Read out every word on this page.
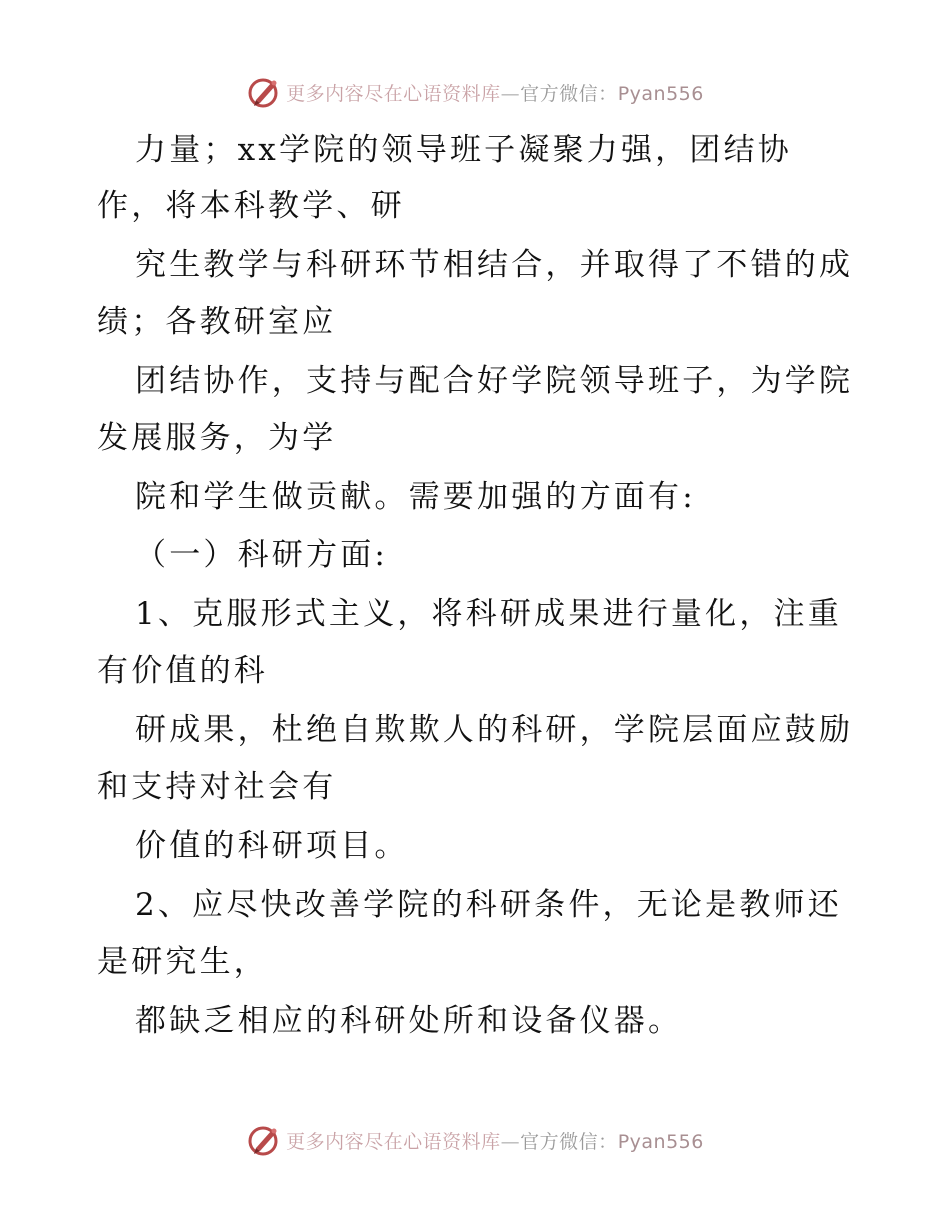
更多内容尽在心语资料库—官方微信：Pyan556
力量；xx学院的领导班子凝聚力强，团结协
作，将本科教学、研
究生教学与科研环节相结合，并取得了不错的成
绩；各教研室应
团结协作，支持与配合好学院领导班子，为学院
发展服务，为学
院和学生做贡献。需要加强的方面有:
（一）科研方面:
1、克服形式主义，将科研成果进行量化，注重
有价值的科
研成果，杜绝自欺欺人的科研，学院层面应鼓励
和支持对社会有
价值的科研项目。
2、应尽快改善学院的科研条件，无论是教师还
是研究生，
都缺乏相应的科研处所和设备仪器。
更多内容尽在心语资料库—官方微信：Pyan556
